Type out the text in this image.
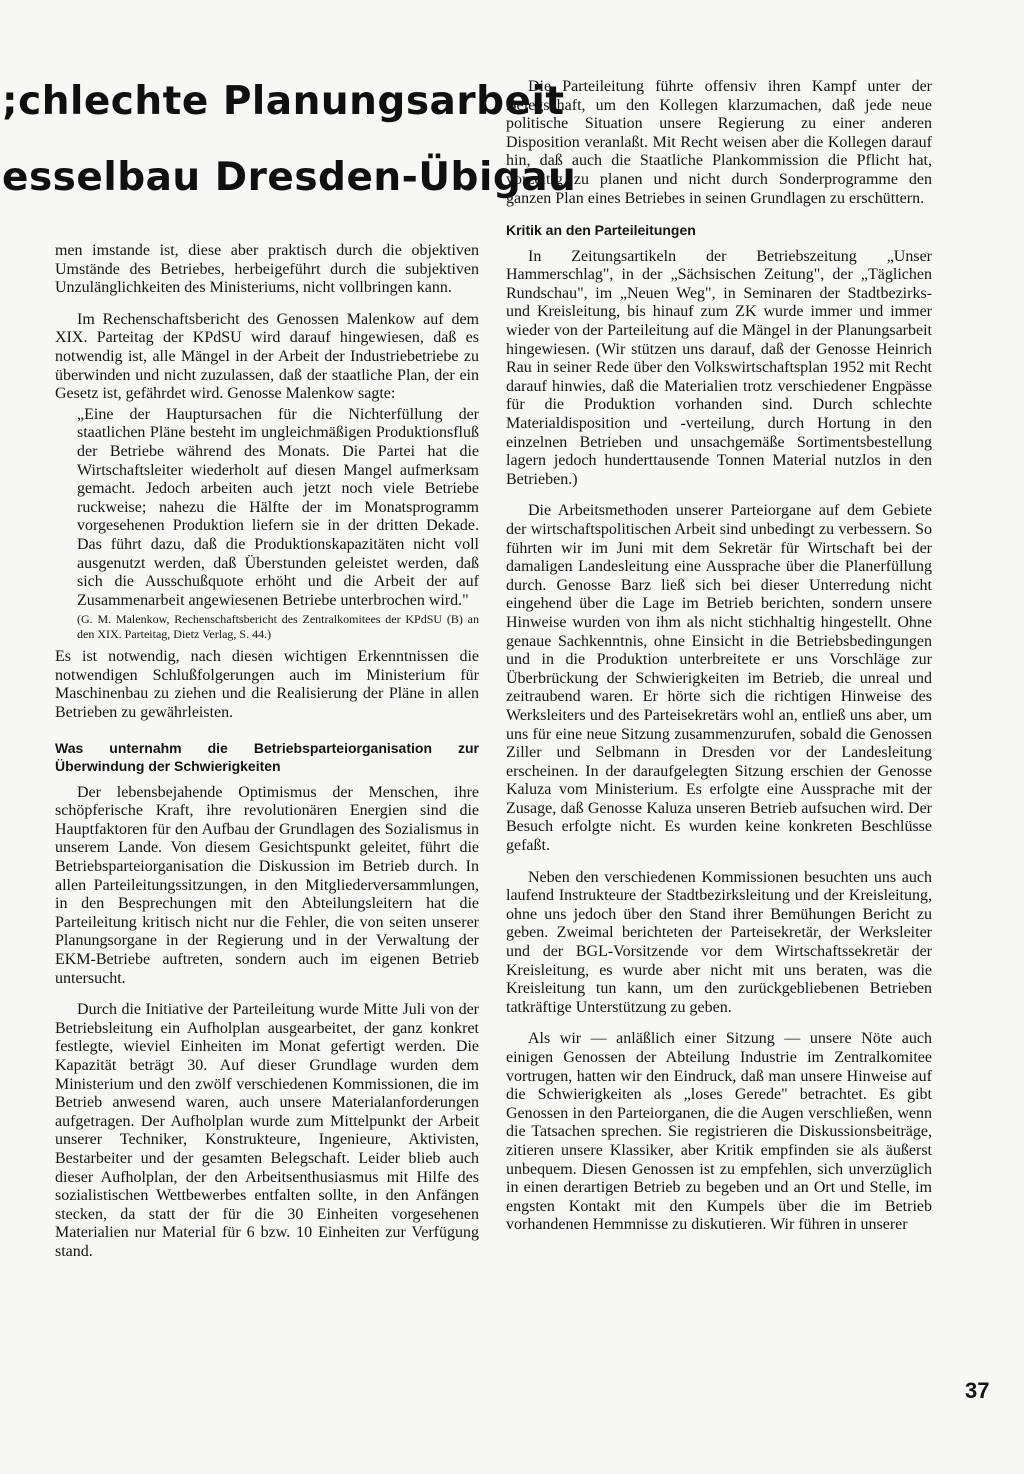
;chlechte Planungsarbeit
esselbau Dresden-Übigau

men imstande ist, diese aber praktisch durch die objektiven Umstände des Betriebes, herbeigeführt durch die subjektiven Unzulänglichkeiten des Ministeriums, nicht vollbringen kann.

Im Rechenschaftsbericht des Genossen Malenkow auf dem XIX. Parteitag der KPdSU wird darauf hingewiesen, daß es notwendig ist, alle Mängel in der Arbeit der Industriebetriebe zu überwinden und nicht zuzulassen, daß der staatliche Plan, der ein Gesetz ist, gefährdet wird. Genosse Malenkow sagte:

„Eine der Hauptursachen für die Nichterfüllung der staatlichen Pläne besteht im ungleichmäßigen Produktionsfluß der Betriebe während des Monats. Die Partei hat die Wirtschaftsleiter wiederholt auf diesen Mangel aufmerksam gemacht. Jedoch arbeiten auch jetzt noch viele Betriebe ruckweise; nahezu die Hälfte der im Monatsprogramm vorgesehenen Produktion liefern sie in der dritten Dekade. Das führt dazu, daß die Produktionskapazitäten nicht voll ausgenutzt werden, daß Überstunden geleistet werden, daß sich die Ausschußquote erhöht und die Arbeit der auf Zusammenarbeit angewiesenen Betriebe unterbrochen wird."

(G. M. Malenkow, Rechenschaftsbericht des Zentralkomitees der KPdSU (B) an den XIX. Parteitag, Dietz Verlag, S. 44.)

Es ist notwendig, nach diesen wichtigen Erkenntnissen die notwendigen Schlußfolgerungen auch im Ministerium für Maschinenbau zu ziehen und die Realisierung der Pläne in allen Betrieben zu gewährleisten.

Was unternahm die Betriebsparteiorganisation zur Überwindung der Schwierigkeiten

Der lebensbejahende Optimismus der Menschen, ihre schöpferische Kraft, ihre revolutionären Energien sind die Hauptfaktoren für den Aufbau der Grundlagen des Sozialismus in unserem Lande. Von diesem Gesichtspunkt geleitet, führt die Betriebsparteiorganisation die Diskussion im Betrieb durch. In allen Parteileitungssitzungen, in den Mitgliederversammlungen, in den Besprechungen mit den Abteilungsleitern hat die Parteileitung kritisch nicht nur die Fehler, die von seiten unserer Planungsorgane in der Regierung und in der Verwaltung der EKM-Betriebe auftreten, sondern auch im eigenen Betrieb untersucht.

Durch die Initiative der Parteileitung wurde Mitte Juli von der Betriebsleitung ein Aufholplan ausgearbeitet, der ganz konkret festlegte, wieviel Einheiten im Monat gefertigt werden. Die Kapazität beträgt 30. Auf dieser Grundlage wurden dem Ministerium und den zwölf verschiedenen Kommissionen, die im Betrieb anwesend waren, auch unsere Materialanforderungen aufgetragen. Der Aufholplan wurde zum Mittelpunkt der Arbeit unserer Techniker, Konstrukteure, Ingenieure, Aktivisten, Bestarbeiter und der gesamten Belegschaft. Leider blieb auch dieser Aufholplan, der den Arbeitsenthusiasmus mit Hilfe des sozialistischen Wettbewerbes entfalten sollte, in den Anfängen stecken, da statt der für die 30 Einheiten vorgesehenen Materialien nur Material für 6 bzw. 10 Einheiten zur Verfügung stand.

Die Parteileitung führte offensiv ihren Kampf unter der Belegschaft, um den Kollegen klarzumachen, daß jede neue politische Situation unsere Regierung zu einer anderen Disposition veranlaßt. Mit Recht weisen aber die Kollegen darauf hin, daß auch die Staatliche Plankommission die Pflicht hat, vorzeitig zu planen und nicht durch Sonderprogramme den ganzen Plan eines Betriebes in seinen Grundlagen zu erschüttern.

Kritik an den Parteileitungen

In Zeitungsartikeln der Betriebszeitung „Unser Hammerschlag", in der „Sächsischen Zeitung", der „Täglichen Rundschau", im „Neuen Weg", in Seminaren der Stadtbezirks- und Kreisleitung, bis hinauf zum ZK wurde immer und immer wieder von der Parteileitung auf die Mängel in der Planungsarbeit hingewiesen. (Wir stützen uns darauf, daß der Genosse Heinrich Rau in seiner Rede über den Volkswirtschaftsplan 1952 mit Recht darauf hinwies, daß die Materialien trotz verschiedener Engpässe für die Produktion vorhanden sind. Durch schlechte Materialdisposition und -verteilung, durch Hortung in den einzelnen Betrieben und unsachgemäße Sortimentsbestellung lagern jedoch hunderttausende Tonnen Material nutzlos in den Betrieben.)

Die Arbeitsmethoden unserer Parteiorgane auf dem Gebiete der wirtschaftspolitischen Arbeit sind unbedingt zu verbessern. So führten wir im Juni mit dem Sekretär für Wirtschaft bei der damaligen Landesleitung eine Aussprache über die Planerfüllung durch. Genosse Barz ließ sich bei dieser Unterredung nicht eingehend über die Lage im Betrieb berichten, sondern unsere Hinweise wurden von ihm als nicht stichhaltig hingestellt. Ohne genaue Sachkenntnis, ohne Einsicht in die Betriebsbedingungen und in die Produktion unterbreitete er uns Vorschläge zur Überbrückung der Schwierigkeiten im Betrieb, die unreal und zeitraubend waren. Er hörte sich die richtigen Hinweise des Werksleiters und des Parteisekretärs wohl an, entließ uns aber, um uns für eine neue Sitzung zusammenzurufen, sobald die Genossen Ziller und Selbmann in Dresden vor der Landesleitung erscheinen. In der daraufgelegten Sitzung erschien der Genosse Kaluza vom Ministerium. Es erfolgte eine Aussprache mit der Zusage, daß Genosse Kaluza unseren Betrieb aufsuchen wird. Der Besuch erfolgte nicht. Es wurden keine konkreten Beschlüsse gefaßt.

Neben den verschiedenen Kommissionen besuchten uns auch laufend Instrukteure der Stadtbezirksleitung und der Kreisleitung, ohne uns jedoch über den Stand ihrer Bemühungen Bericht zu geben. Zweimal berichteten der Parteisekretär, der Werksleiter und der BGL-Vorsitzende vor dem Wirtschaftssekretär der Kreisleitung, es wurde aber nicht mit uns beraten, was die Kreisleitung tun kann, um den zurückgebliebenen Betrieben tatkräftige Unterstützung zu geben.

Als wir — anläßlich einer Sitzung — unsere Nöte auch einigen Genossen der Abteilung Industrie im Zentralkomitee vortrugen, hatten wir den Eindruck, daß man unsere Hinweise auf die Schwierigkeiten als „loses Gerede" betrachtet. Es gibt Genossen in den Parteiorganen, die die Augen verschließen, wenn die Tatsachen sprechen. Sie registrieren die Diskussionsbeiträge, zitieren unsere Klassiker, aber Kritik empfinden sie als äußerst unbequem. Diesen Genossen ist zu empfehlen, sich unverzüglich in einen derartigen Betrieb zu begeben und an Ort und Stelle, im engsten Kontakt mit den Kumpels über die im Betrieb vorhandenen Hemmnisse zu diskutieren. Wir führen in unserer

37
